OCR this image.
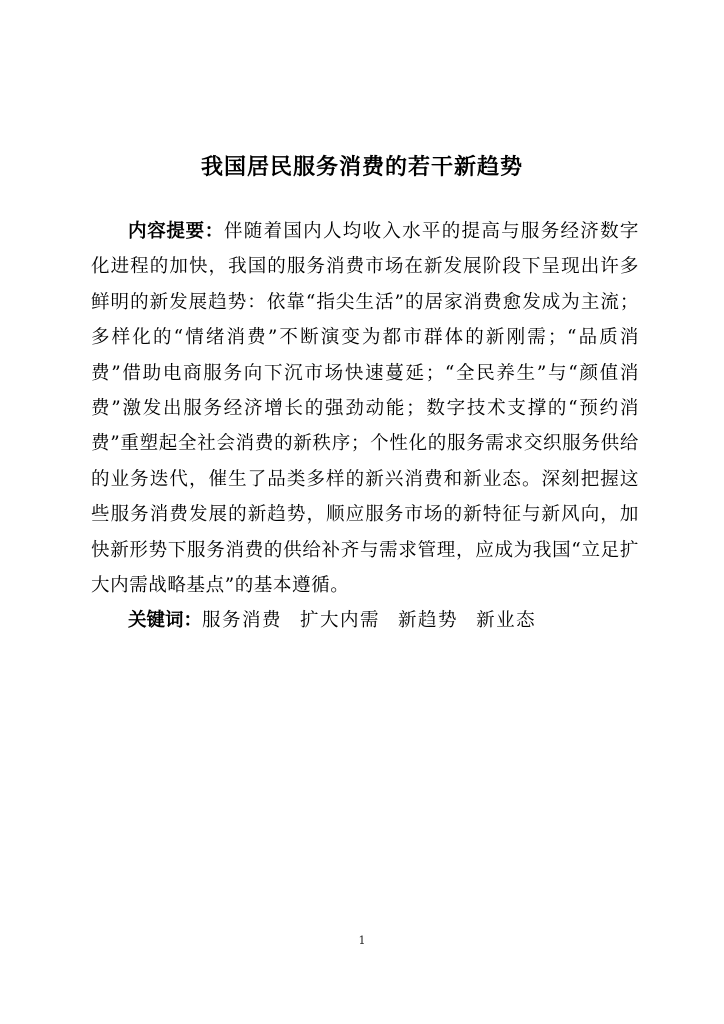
我国居民服务消费的若干新趋势

内容提要：伴随着国内人均收入水平的提高与服务经济数字化进程的加快，我国的服务消费市场在新发展阶段下呈现出许多鲜明的新发展趋势：依靠“指尖生活”的居家消费愈发成为主流；多样化的“情绪消费”不断演变为都市群体的新刚需；“品质消费”借助电商服务向下沉市场快速蔓延；“全民养生”与“颜值消费”激发出服务经济增长的强劲动能；数字技术支撑的“预约消费”重塑起全社会消费的新秩序；个性化的服务需求交织服务供给的业务迭代，催生了品类多样的新兴消费和新业态。深刻把握这些服务消费发展的新趋势，顺应服务市场的新特征与新风向，加快新形势下服务消费的供给补齐与需求管理，应成为我国“立足扩大内需战略基点”的基本遵循。

关键词：服务消费 扩大内需 新趋势 新业态

1
